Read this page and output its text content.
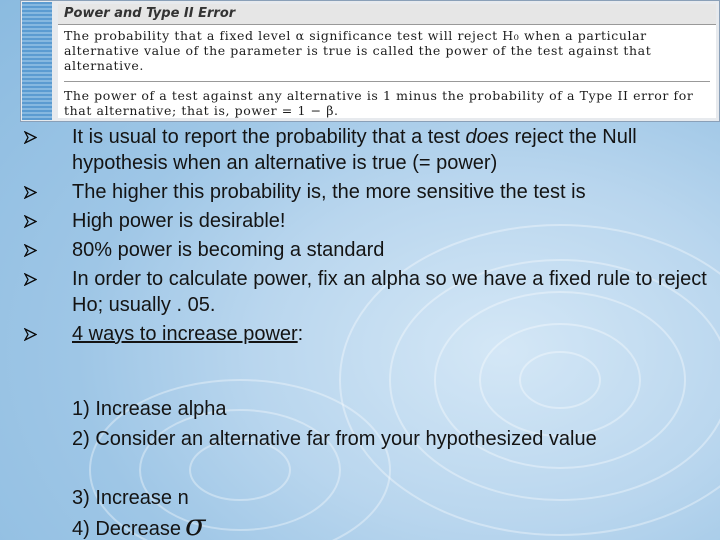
Power and Type II Error
The probability that a fixed level α significance test will reject H₀ when a particular alternative value of the parameter is true is called the power of the test against that alternative.
The power of a test against any alternative is 1 minus the probability of a Type II error for that alternative; that is, power = 1 − β.
It is usual to report the probability that a test does reject the Null hypothesis when an alternative is true (= power)
The higher this probability is, the more sensitive the test is
High power is desirable!
80% power is becoming a standard
In order to calculate power, fix an alpha so we have a fixed rule to reject Ho; usually . 05.
4 ways to increase power:
1) Increase alpha
2) Consider an alternative far from your hypothesized value
3) Increase n
4) Decrease σ
